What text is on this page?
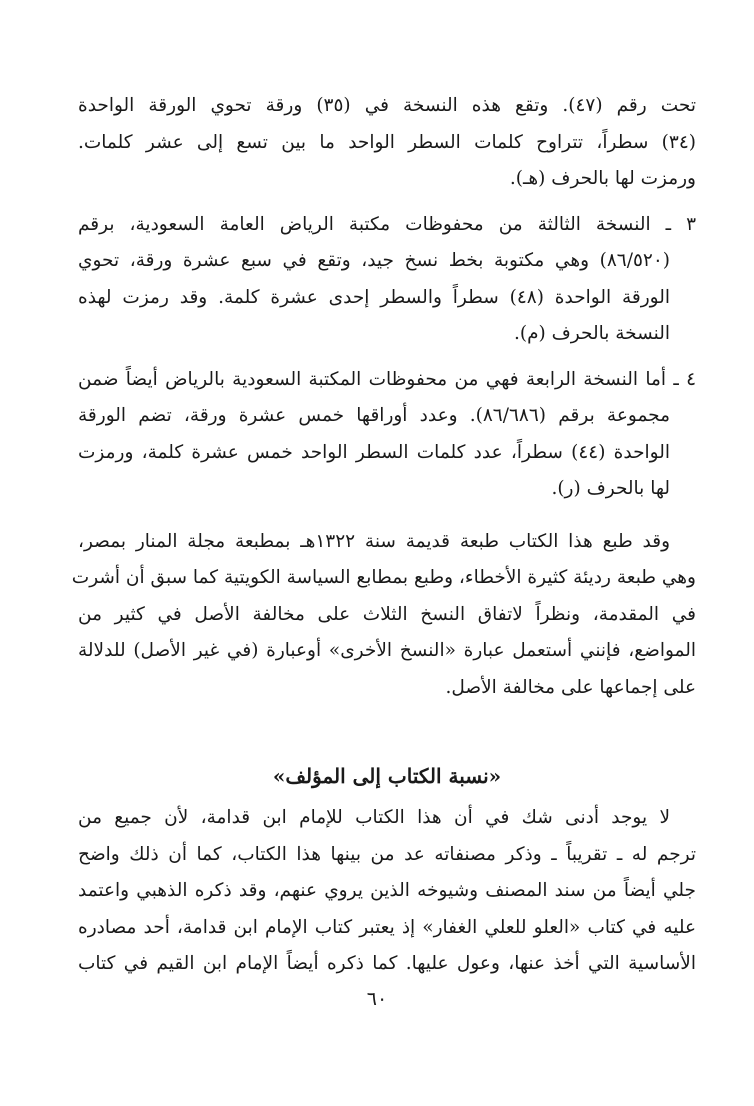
تحت رقم (٤٧). وتقع هذه النسخة في (٣٥) ورقة تحوي الورقة الواحدة
(٣٤) سطراً، تتراوح كلمات السطر الواحد ما بين تسع إلى عشر كلمات.
ورمزت لها بالحرف (هـ).
٣ ـ النسخة الثالثة من محفوظات مكتبة الرياض العامة السعودية، برقم
(٨٦/٥٢٠) وهي مكتوبة بخط نسخ جيد، وتقع في سبع عشرة ورقة، تحوي
الورقة الواحدة (٤٨) سطراً والسطر إحدى عشرة كلمة. وقد رمزت لهذه
النسخة بالحرف (م).
٤ ـ أما النسخة الرابعة فهي من محفوظات المكتبة السعودية بالرياض أيضاً ضمن
مجموعة برقم (٨٦/٦٨٦). وعدد أوراقها خمس عشرة ورقة، تضم الورقة
الواحدة (٤٤) سطراً، عدد كلمات السطر الواحد خمس عشرة كلمة، ورمزت
لها بالحرف (ر).
وقد طبع هذا الكتاب طبعة قديمة سنة ١٣٢٢هـ بمطبعة مجلة المنار بمصر،
وهي طبعة رديئة كثيرة الأخطاء، وطبع بمطابع السياسة الكويتية كما سبق أن أشرت
في المقدمة، ونظراً لاتفاق النسخ الثلاث على مخالفة الأصل في كثير من
المواضع، فإنني أستعمل عبارة «النسخ الأخرى» أوعبارة (في غير الأصل) للدلالة
على إجماعها على مخالفة الأصل.
«نسبة الكتاب إلى المؤلف»
لا يوجد أدنى شك في أن هذا الكتاب للإمام ابن قدامة، لأن جميع من
ترجم له ـ تقريباً ـ وذكر مصنفاته عد من بينها هذا الكتاب، كما أن ذلك واضح
جلي أيضاً من سند المصنف وشيوخه الذين يروي عنهم، وقد ذكره الذهبي واعتمد
عليه في كتاب «العلو للعلي الغفار» إذ يعتبر كتاب الإمام ابن قدامة، أحد مصادره
الأساسية التي أخذ عنها، وعول عليها. كما ذكره أيضاً الإمام ابن القيم في كتاب
٦٠
